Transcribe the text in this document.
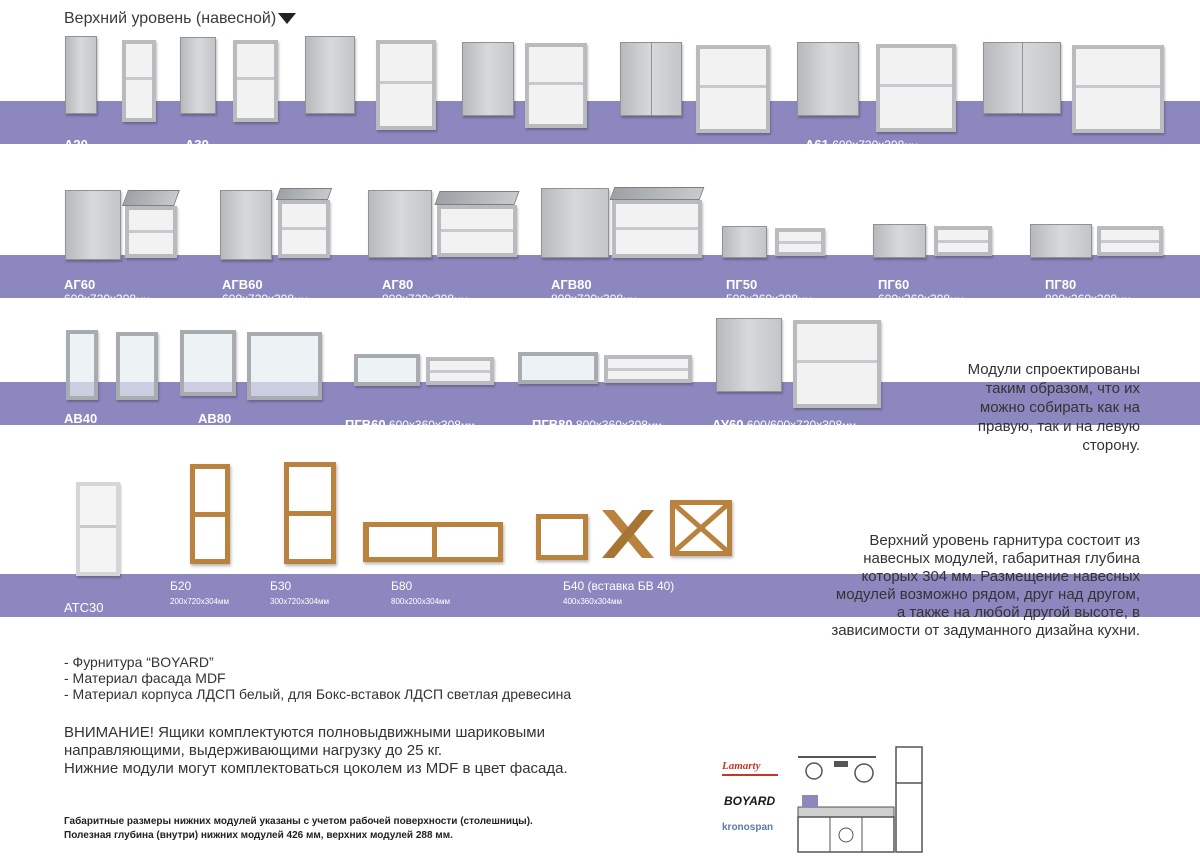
Верхний уровень (навесной)
А20
200x720x308мм
А30
300x720x308мм
А40 400x720x308мм	А50 500x720x308мм	А60 600x720x308мм
А61 600x720x308мм
(А60 корпус+АП60 фасад)
А80 800x720x308мм
АГ60
600x720x308мм
АГВ60
600x720x308мм
АГ80
800x720x308мм
АГВ80
800x720x308мм
ПГ50
500x360x308мм
ПГ60
600x360x308мм
ПГ80
800x360x308мм
АВ40
400x720x308мм
АВ80
800x720x308мм
ПГВ60 600x360x308мм	ПГВ80 800x360x308мм	АУ60 600/600x720x308мм
Модули спроектированы
таким образом, что их
можно собирать как на
правую, так и на левую
сторону.
АТС30
300x720x308мм
Б20
200x720x304мм
Б30
300x720x304мм
Б80
800x200x304мм
Б40 (вставка БВ 40)
400x360x304мм
Верхний уровень гарнитура состоит из
навесных модулей, габаритная глубина
которых 304 мм. Размещение навесных
модулей возможно рядом, друг над другом,
а также на любой другой высоте, в
зависимости от задуманного дизайна кухни.
- Фурнитура “BOYARD”
- Материал фасада MDF
- Материал корпуса ЛДСП белый, для Бокс-вставок ЛДСП светлая древесина
ВНИМАНИЕ! Ящики комплектуются полновыдвижными шариковыми
направляющими, выдерживающими нагрузку до 25 кг.
Нижние модули могут комплектоваться цоколем из MDF в цвет фасада.
Габаритные размеры нижних модулей указаны с учетом рабочей поверхности (столешницы).
Полезная глубина (внутри) нижних модулей 426 мм, верхних модулей 288 мм.
Lamarty
BOYARD
kronospan
